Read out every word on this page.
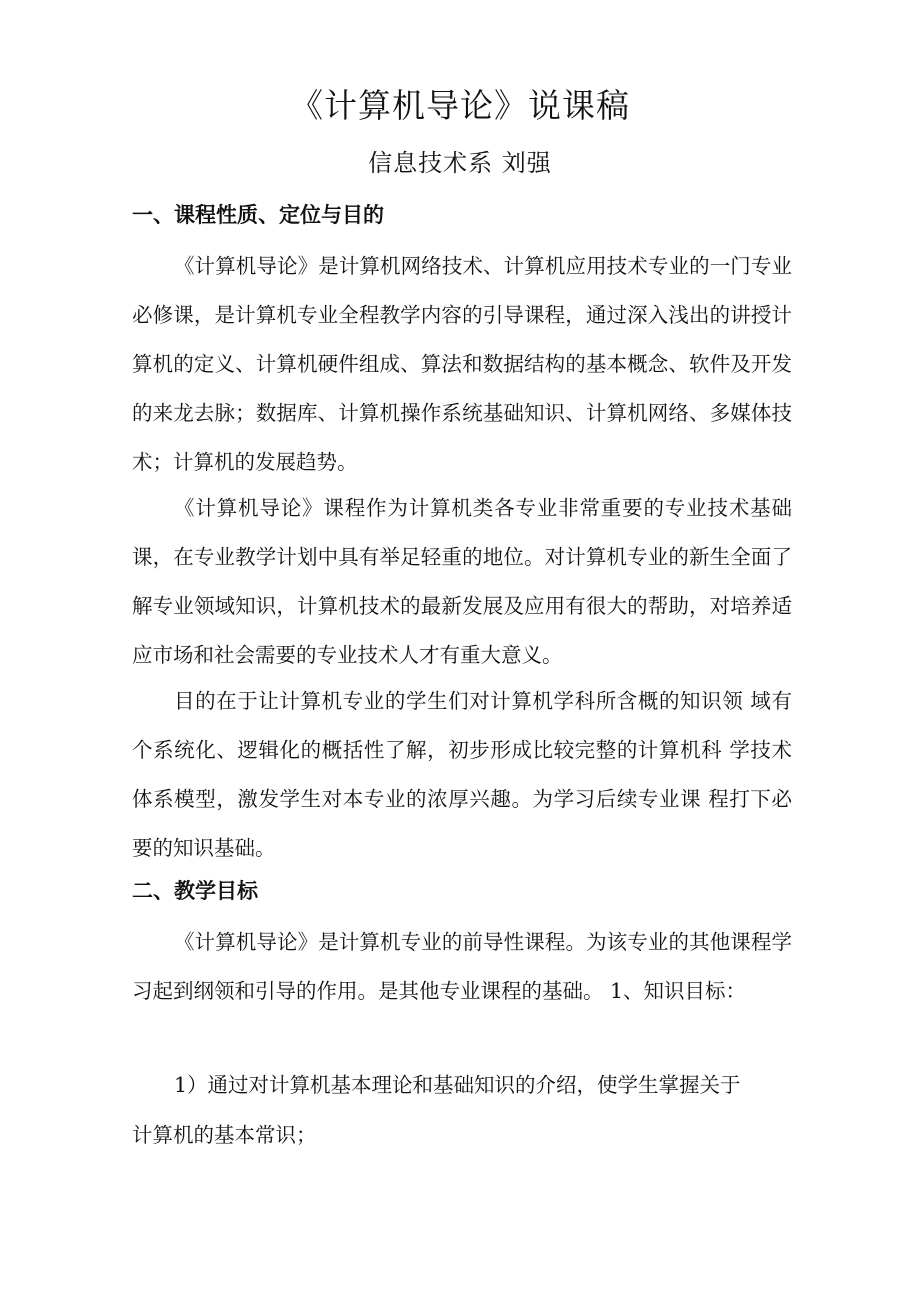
《计算机导论》说课稿
信息技术系 刘强
一、课程性质、定位与目的

《计算机导论》是计算机网络技术、计算机应用技术专业的一门专业必修课，是计算机专业全程教学内容的引导课程，通过深入浅出的讲授计算机的定义、计算机硬件组成、算法和数据结构的基本概念、软件及开发的来龙去脉；数据库、计算机操作系统基础知识、计算机网络、多媒体技术；计算机的发展趋势。

《计算机导论》课程作为计算机类各专业非常重要的专业技术基础课，在专业教学计划中具有举足轻重的地位。对计算机专业的新生全面了解专业领域知识，计算机技术的最新发展及应用有很大的帮助，对培养适应市场和社会需要的专业技术人才有重大意义。

目的在于让计算机专业的学生们对计算机学科所含概的知识领 域有个系统化、逻辑化的概括性了解，初步形成比较完整的计算机科 学技术体系模型，激发学生对本专业的浓厚兴趣。为学习后续专业课 程打下必要的知识基础。

二、教学目标

《计算机导论》是计算机专业的前导性课程。为该专业的其他课程学习起到纲领和引导的作用。是其他专业课程的基础。 1、知识目标：

1）通过对计算机基本理论和基础知识的介绍，使学生掌握关于

计算机的基本常识；
